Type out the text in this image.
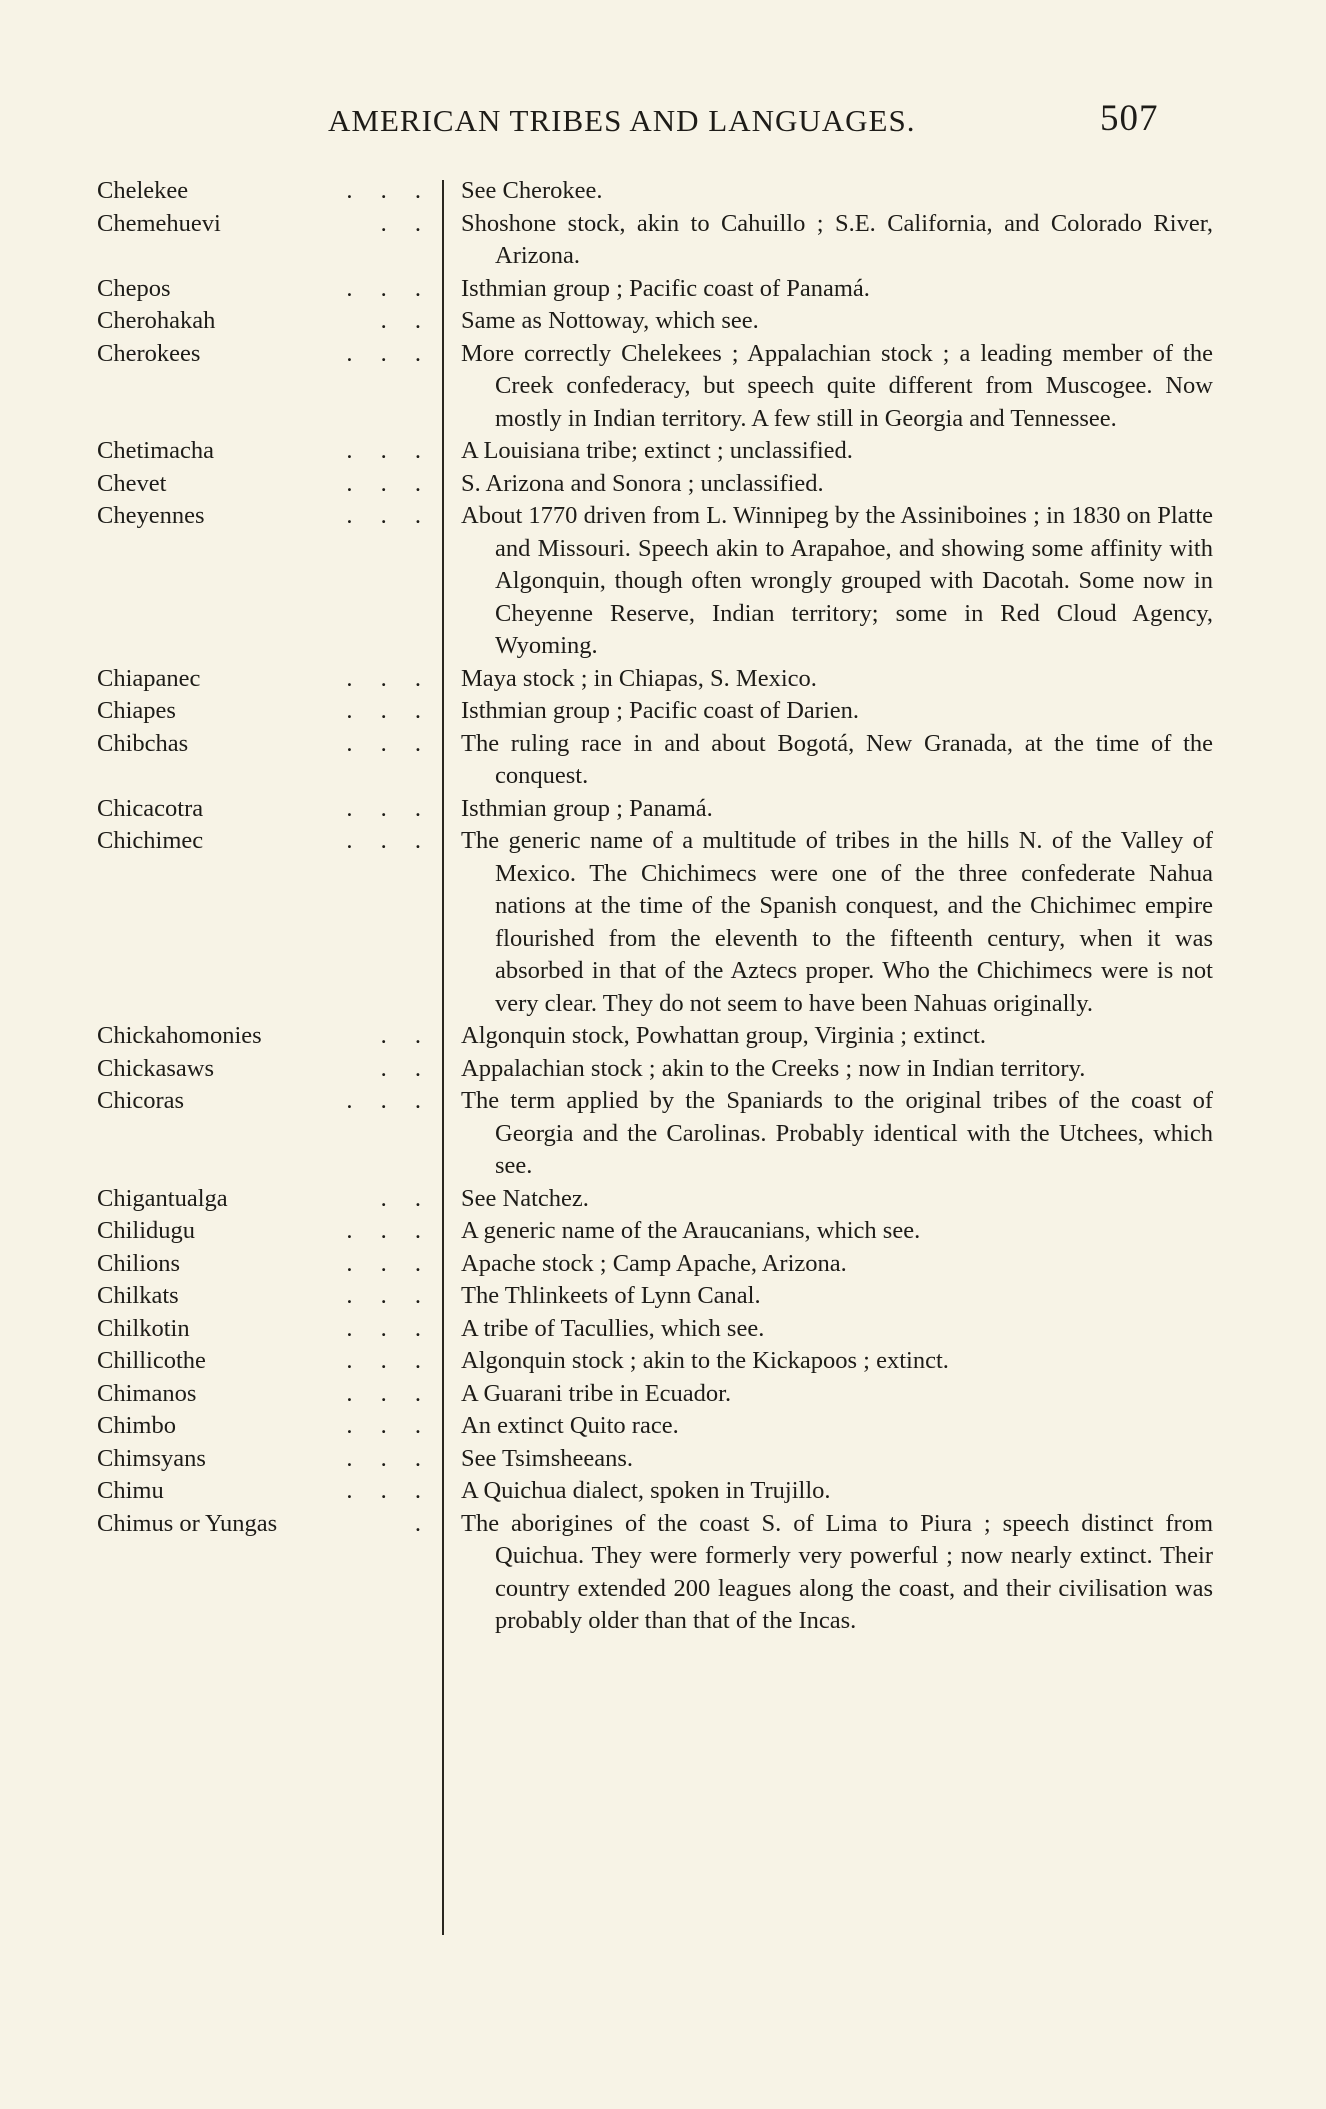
AMERICAN TRIBES AND LANGUAGES.	507
Chelekee	. . . See Cherokee.
Chemehuevi	. . Shoshone stock, akin to Cahuillo ; S.E. California, and Colorado River, Arizona.
Chepos	. . . Isthmian group ; Pacific coast of Panamá.
Cherohakah	. . Same as Nottoway, which see.
Cherokees	. . . More correctly Chelekees ; Appalachian stock ; a leading member of the Creek confederacy, but speech quite different from Muscogee. Now mostly in Indian territory. A few still in Georgia and Tennessee.
Chetimacha	. . . A Louisiana tribe; extinct ; unclassified.
Chevet	. . . S. Arizona and Sonora ; unclassified.
Cheyennes	. . . About 1770 driven from L. Winnipeg by the Assiniboines ; in 1830 on Platte and Missouri. Speech akin to Arapahoe, and showing some affinity with Algonquin, though often wrongly grouped with Dacotah. Some now in Cheyenne Reserve, Indian territory; some in Red Cloud Agency, Wyoming.
Chiapanec	. . . Maya stock ; in Chiapas, S. Mexico.
Chiapes	. . . Isthmian group ; Pacific coast of Darien.
Chibchas	. . . The ruling race in and about Bogotá, New Granada, at the time of the conquest.
Chicacotra	. . . Isthmian group ; Panamá.
Chichimec	. . . The generic name of a multitude of tribes in the hills N. of the Valley of Mexico. The Chichimecs were one of the three confederate Nahua nations at the time of the Spanish conquest, and the Chichimec empire flourished from the eleventh to the fifteenth century, when it was absorbed in that of the Aztecs proper. Who the Chichimecs were is not very clear. They do not seem to have been Nahuas originally.
Chickahomonies	. . Algonquin stock, Powhattan group, Virginia ; extinct.
Chickasaws	. . Appalachian stock ; akin to the Creeks ; now in Indian territory.
Chicoras	. . . The term applied by the Spaniards to the original tribes of the coast of Georgia and the Carolinas. Probably identical with the Utchees, which see.
Chigantualga	. . See Natchez.
Chilidugu	. . . A generic name of the Araucanians, which see.
Chilions	. . . Apache stock ; Camp Apache, Arizona.
Chilkats	. . . The Thlinkeets of Lynn Canal.
Chilkotin	. . . A tribe of Tacullies, which see.
Chillicothe	. . . Algonquin stock ; akin to the Kickapoos ; extinct.
Chimanos	. . . A Guarani tribe in Ecuador.
Chimbo	. . . An extinct Quito race.
Chimsyans	. . . See Tsimsheeans.
Chimu	. . . A Quichua dialect, spoken in Trujillo.
Chimus or Yungas	. The aborigines of the coast S. of Lima to Piura ; speech distinct from Quichua. They were formerly very powerful ; now nearly extinct. Their country extended 200 leagues along the coast, and their civilisation was probably older than that of the Incas.
